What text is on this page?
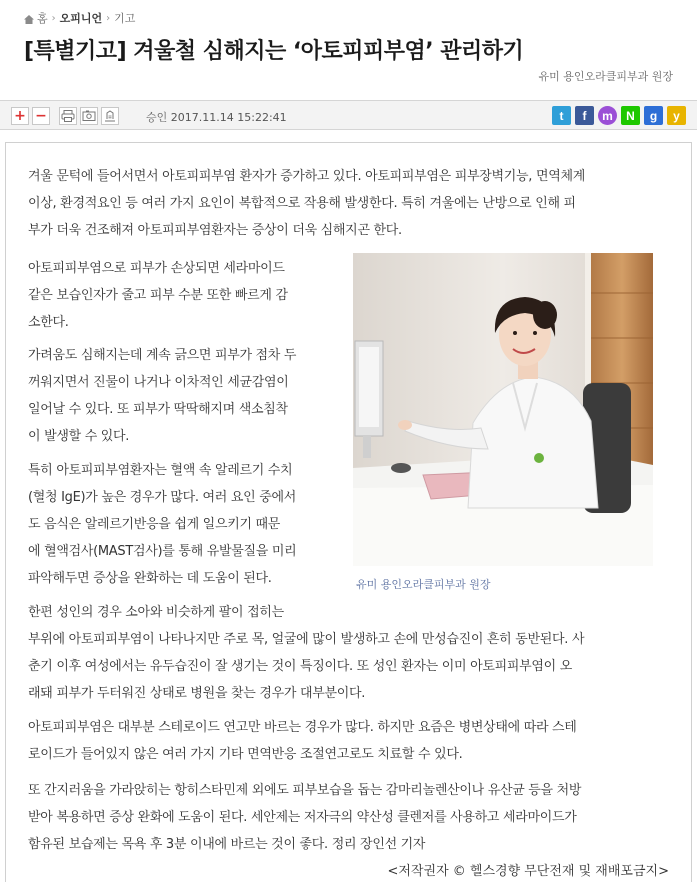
홈 › 오피니언 › 기고
[특별기고] 겨울철 심해지는 ‘아토피피부염’ 관리하기
유미 용인오라클피부과 원장
+ −	승인 2017.11.14 15:22:41	t	f	m	N	g	y
유미 용인오라클피부과 원장

겨울 문턱에 들어서면서 아토피피부염 환자가 증가하고 있다. 아토피피부염은 피부장벽기능, 면역체계
이상, 환경적요인 등 여러 가지 요인이 복합적으로 작용해 발생한다. 특히 겨울에는 난방으로 인해 피
부가 더욱 건조해져 아토피피부염환자는 증상이 더욱 심해지곤 한다.

아토피피부염으로 피부가 손상되면 세라마이드
같은 보습인자가 줄고 피부 수분 또한 빠르게 감
소한다.

가려움도 심해지는데 계속 긁으면 피부가 점차 두
꺼워지면서 진물이 나거나 이차적인 세균감염이
일어날 수 있다. 또 피부가 딱딱해지며 색소침착
이 발생할 수 있다.

특히 아토피피부염환자는 혈액 속 알레르기 수치
(혈청 IgE)가 높은 경우가 많다. 여러 요인 중에서
도 음식은 알레르기반응을 쉽게 일으키기 때문
에 혈액검사(MAST검사)를 통해 유발물질을 미리
파악해두면 증상을 완화하는 데 도움이 된다.

한편 성인의 경우 소아와 비슷하게 팔이 접히는
부위에 아토피피부염이 나타나지만 주로 목, 얼굴에 많이 발생하고 손에 만성습진이 흔히 동반된다. 사
춘기 이후 여성에서는 유두습진이 잘 생기는 것이 특징이다. 또 성인 환자는 이미 아토피피부염이 오
래돼 피부가 두터워진 상태로 병원을 찾는 경우가 대부분이다.

아토피피부염은 대부분 스테로이드 연고만 바르는 경우가 많다. 하지만 요즘은 병변상태에 따라 스테
로이드가 들어있지 않은 여러 가지 기타 면역반응 조절연고로도 치료할 수 있다.

또 간지러움을 가라앉히는 항히스타민제 외에도 피부보습을 돕는 감마리놀렌산이나 유산균 등을 처방
받아 복용하면 증상 완화에 도움이 된다. 세안제는 저자극의 약산성 클렌저를 사용하고 세라마이드가
함유된 보습제는 목욕 후 3분 이내에 바르는 것이 좋다. 정리 장인선 기자

<저작권자 © 헬스경향 무단전재 및 재배포금지>
